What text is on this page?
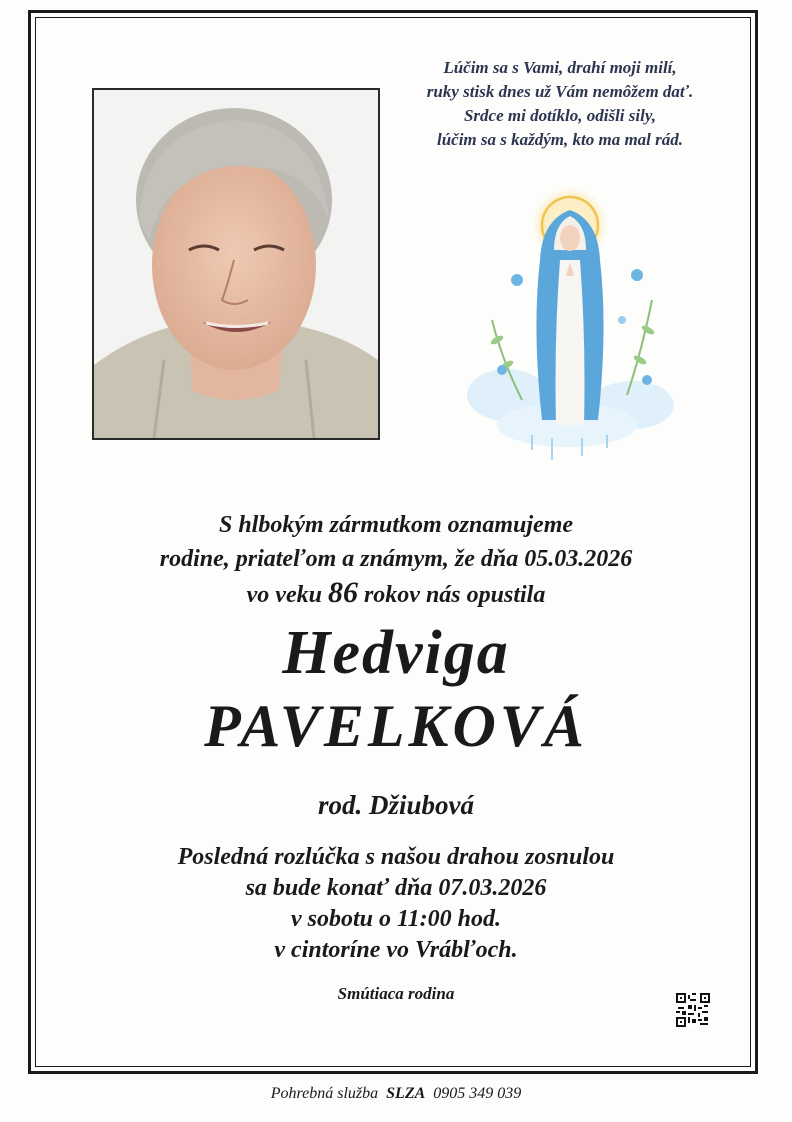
Lúčim sa s Vami, drahí moji milí,
ruky stisk dnes už Vám nemôžem dať.
Srdce mi dotíklo, odišli sily,
lúčim sa s každým, kto ma mal rád.
S hlbokým zármutkom oznamujeme
rodine, priateľom a známym, že dňa 05.03.2026
vo veku 86 rokov nás opustila
Hedviga
PAVELKOVÁ
rod. Džiubová
Posledná rozlúčka s našou drahou zosnulou
sa bude konať dňa 07.03.2026
v sobotu o 11:00 hod.
v cintoríne vo Vrábľoch.
Smútiaca rodina
Pohrebná služba SLZA 0905 349 039
